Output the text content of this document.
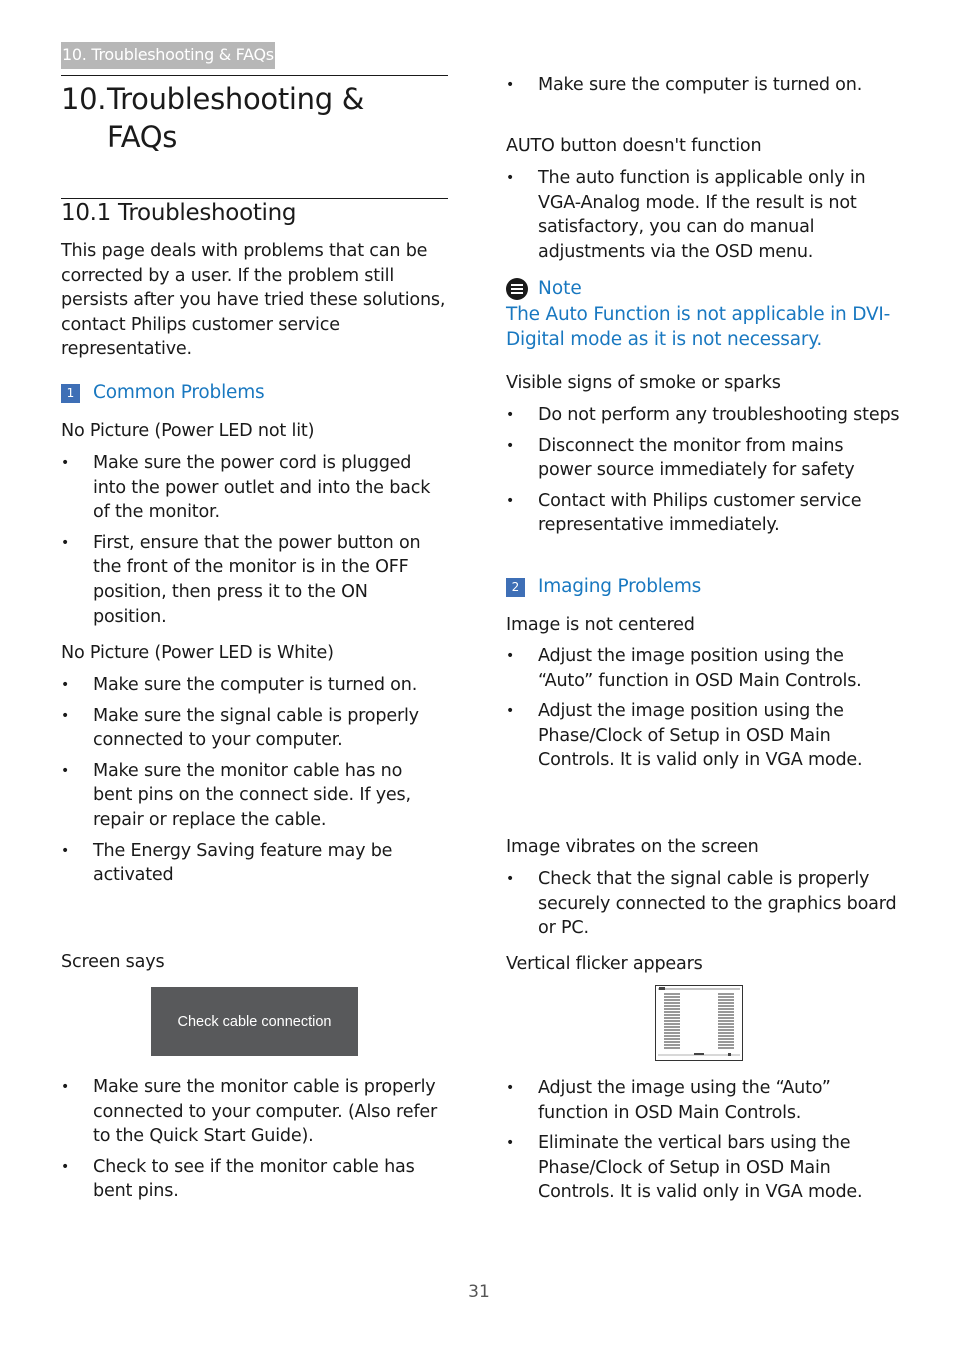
10. Troubleshooting & FAQs
10.Troubleshooting &
FAQs
10.1 Troubleshooting

This page deals with problems that can be corrected by a user. If the problem still persists after you have tried these solutions, contact Philips customer service representative.

1	Common Problems
No Picture (Power LED not lit)
• Make sure the power cord is plugged into the power outlet and into the back of the monitor.
• First, ensure that the power button on the front of the monitor is in the OFF position, then press it to the ON position.
No Picture (Power LED is White)
• Make sure the computer is turned on.
• Make sure the signal cable is properly connected to your computer.
• Make sure the monitor cable has no bent pins on the connect side. If yes, repair or replace the cable.
• The Energy Saving feature may be activated
Screen says
Check cable connection
• Make sure the monitor cable is properly connected to your computer. (Also refer to the Quick Start Guide).
• Check to see if the monitor cable has bent pins.
• Make sure the computer is turned on.
AUTO button doesn't function
• The auto function is applicable only in VGA-Analog mode. If the result is not satisfactory, you can do manual adjustments via the OSD menu.
Note
The Auto Function is not applicable in DVI-Digital mode as it is not necessary.
Visible signs of smoke or sparks
• Do not perform any troubleshooting steps
• Disconnect the monitor from mains power source immediately for safety
• Contact with Philips customer service representative immediately.
2	Imaging Problems
Image is not centered
• Adjust the image position using the “Auto” function in OSD Main Controls.
• Adjust the image position using the Phase/Clock of Setup in OSD Main Controls. It is valid only in VGA mode.
Image vibrates on the screen
• Check that the signal cable is properly securely connected to the graphics board or PC.
Vertical flicker appears
• Adjust the image using the “Auto” function in OSD Main Controls.
• Eliminate the vertical bars using the Phase/Clock of Setup in OSD Main Controls. It is valid only in VGA mode.
31
